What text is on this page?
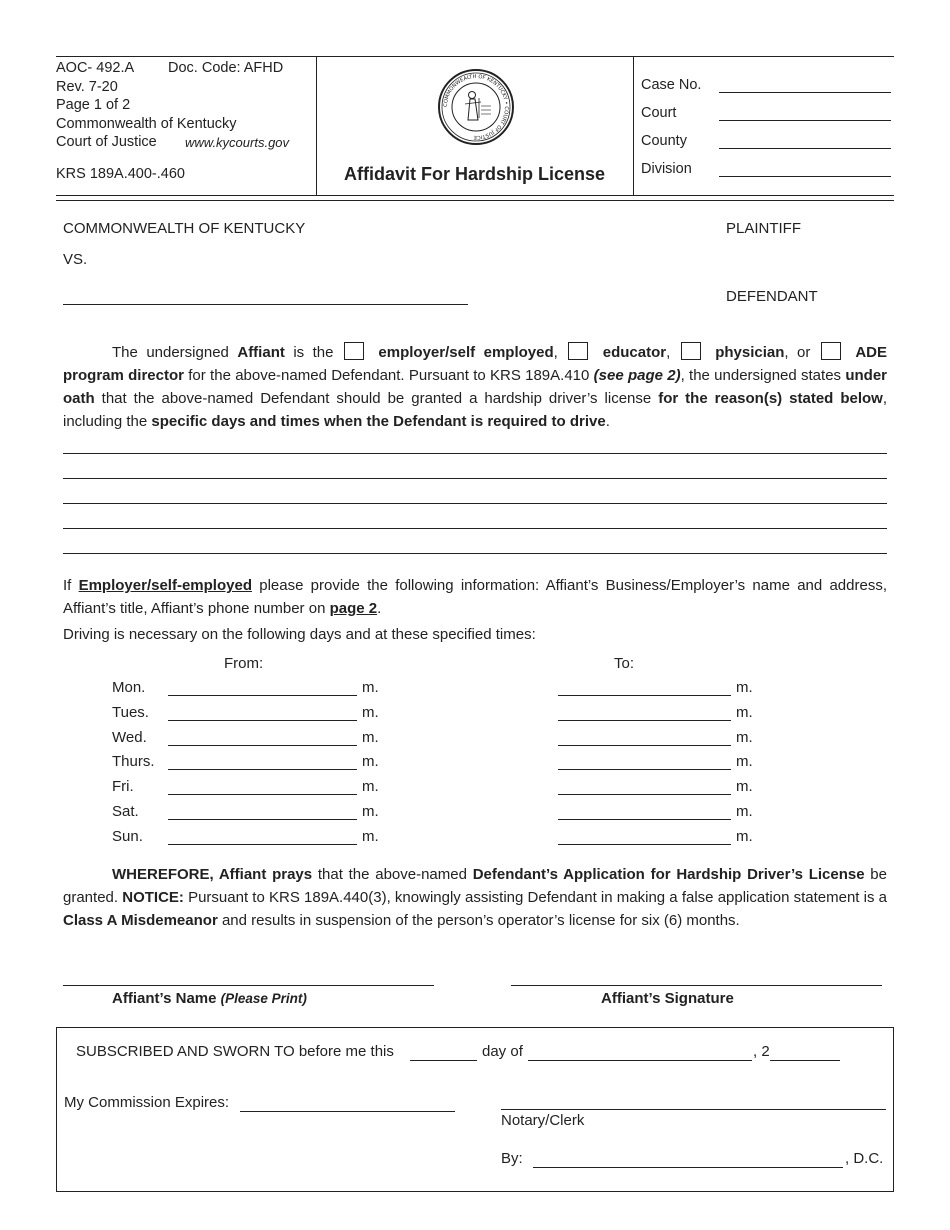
AOC- 492.A Doc. Code: AFHD
Rev. 7-20
Page 1 of 2
Commonwealth of Kentucky
Court of Justice www.kycourts.gov
KRS 189A.400-.460
COMMONWEALTH OF KENTUCKY • COURT OF JUSTICE
Affidavit For Hardship License
Case No.
Court
County
Division
COMMONWEALTH OF KENTUCKY	PLAINTIFF
VS.
DEFENDANT
The undersigned Affiant is the  employer/self employed,  educator,  physician, or  ADE program director for the above-named Defendant. Pursuant to KRS 189A.410 (see page 2), the undersigned states under oath that the above-named Defendant should be granted a hardship driver’s license for the reason(s) stated below, including the specific days and times when the Defendant is required to drive.
If Employer/self-employed please provide the following information: Affiant’s Business/Employer’s name and address, Affiant’s title, Affiant’s phone number on page 2.
Driving is necessary on the following days and at these specified times:
From:	To:
Mon.	m.	m.
Tues.	m.	m.
Wed.	m.	m.
Thurs.	m.	m.
Fri.	m.	m.
Sat.	m.	m.
Sun.	m.	m.
WHEREFORE, Affiant prays that the above-named Defendant’s Application for Hardship Driver’s License be granted. NOTICE: Pursuant to KRS 189A.440(3), knowingly assisting Defendant in making a false application statement is a Class A Misdemeanor and results in suspension of the person’s operator’s license for six (6) months.
Affiant’s Name (Please Print)	Affiant’s Signature
SUBSCRIBED AND SWORN TO before me this	day of	, 2
My Commission Expires:
Notary/Clerk
By:	, D.C.
